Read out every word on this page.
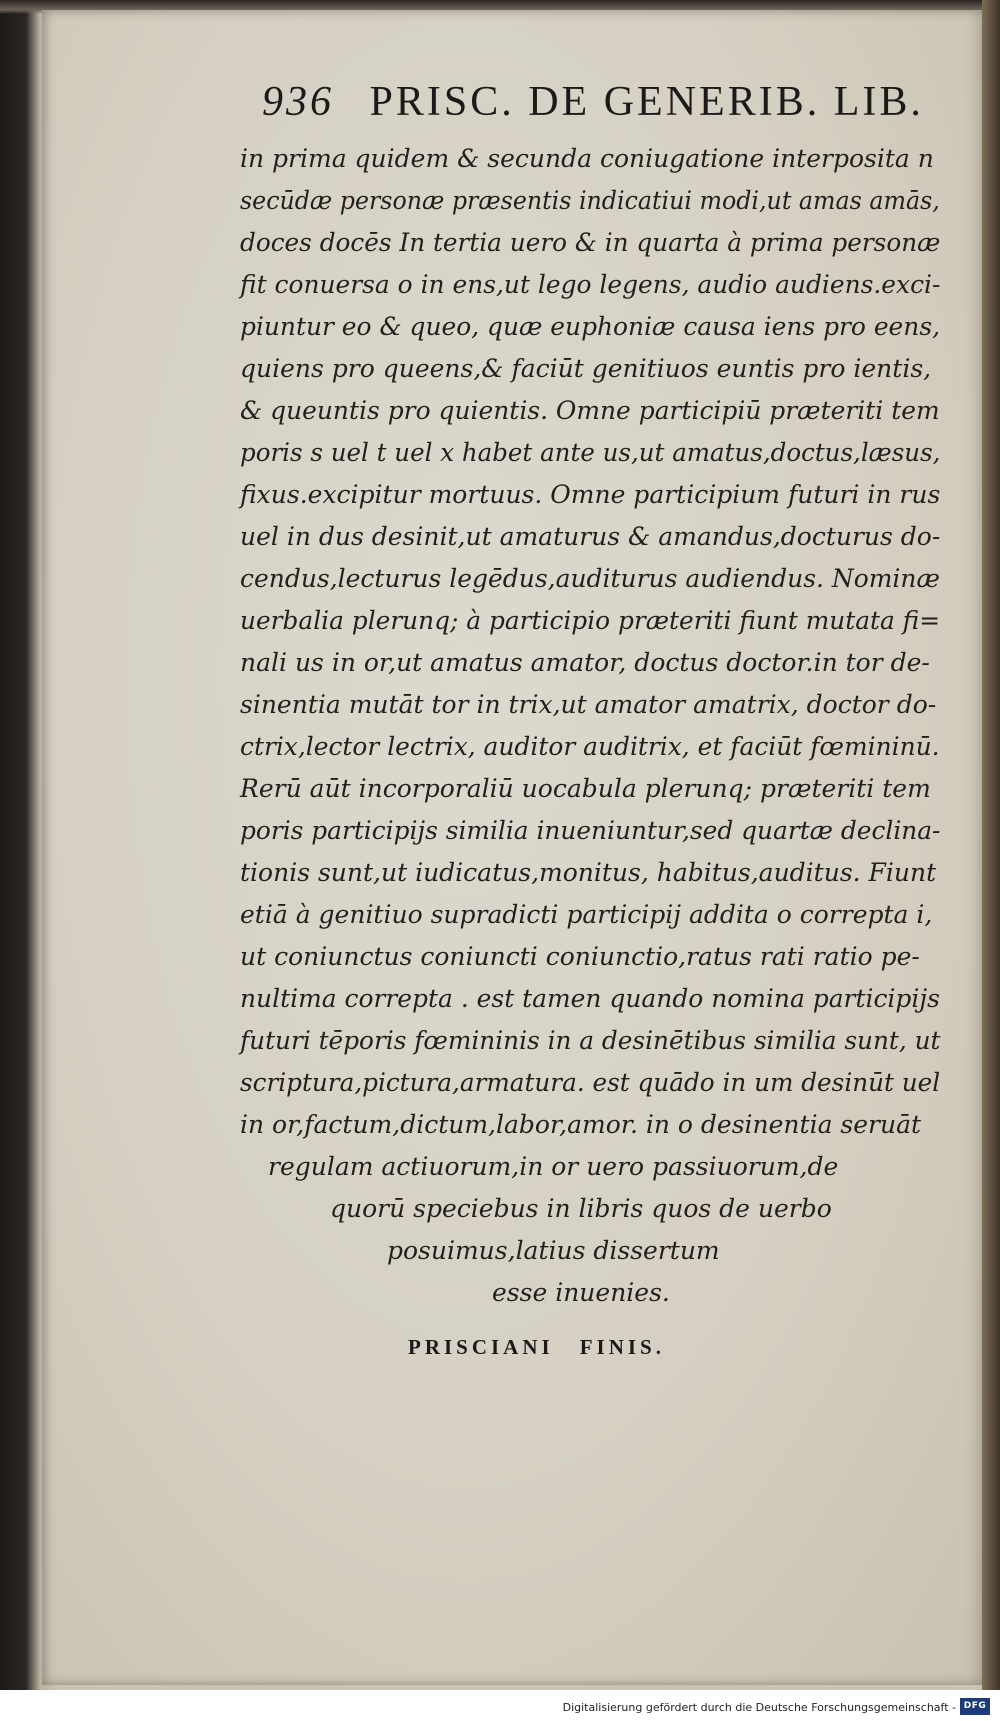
936 PRISC. DE GENERIB. LIB.
in prima quidem & secunda coniugatione interposita n
secūdæ personæ præsentis indicatiui modi,ut amas amās,
doces docēs In tertia uero & in quarta à prima personæ
fit conuersa o in ens,ut lego legens, audio audiens.exci-
piuntur eo & queo, quæ euphoniæ causa iens pro eens,
quiens pro queens,& faciūt genitiuos euntis pro ientis,
& queuntis pro quientis. Omne participiū præteriti tem
poris s uel t uel x habet ante us,ut amatus,doctus,læsus,
fixus.excipitur mortuus. Omne participium futuri in rus
uel in dus desinit,ut amaturus & amandus,docturus do-
cendus,lecturus legēdus,auditurus audiendus. Nominæ
uerbalia plerunq; à participio præteriti fiunt mutata fi=
nali us in or,ut amatus amator, doctus doctor.in tor de-
sinentia mutāt tor in trix,ut amator amatrix, doctor do-
ctrix,lector lectrix, auditor auditrix, et faciūt fœmininū.
Rerū aūt incorporaliū uocabula plerunq; præteriti tem
poris participijs similia inueniuntur,sed quartæ declina-
tionis sunt,ut iudicatus,monitus, habitus,auditus. Fiunt
etiā à genitiuo supradicti participij addita o correpta i,
ut coniunctus coniuncti coniunctio,ratus rati ratio pe-
nultima correpta . est tamen quando nomina participijs
futuri tēporis fœmininis in a desinētibus similia sunt, ut
scriptura,pictura,armatura. est quādo in um desinūt uel
in or,factum,dictum,labor,amor. in o desinentia seruāt
regulam actiuorum,in or uero passiuorum,de
quorū speciebus in libris quos de uerbo
posuimus,latius dissertum
esse inuenies.
PRISCIANI FINIS.
Digitalisierung gefördert durch die Deutsche Forschungsgemeinschaft - DFG
